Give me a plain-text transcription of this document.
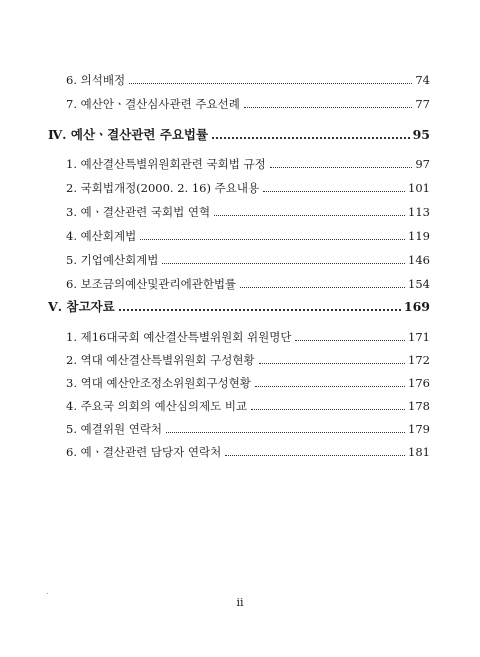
6. 의석배정	74
7. 예산안ㆍ결산심사관련 주요선례	77
Ⅳ. 예산ㆍ결산관련 주요법률	95
1. 예산결산특별위원회관련 국회법 규정	97
2. 국회법개정(2000. 2. 16) 주요내용	101
3. 예ㆍ결산관련 국회법 연혁	113
4. 예산회계법	119
5. 기업예산회계법	146
6. 보조금의예산및관리에관한법률	154
Ⅴ. 참고자료	169
1. 제16대국회 예산결산특별위원회 위원명단	171
2. 역대 예산결산특별위원회 구성현황	172
3. 역대 예산안조정소위원회구성현황	176
4. 주요국 의회의 예산심의제도 비교	178
5. 예결위원 연락처	179
6. 예ㆍ결산관련 담당자 연락처	181
ii
